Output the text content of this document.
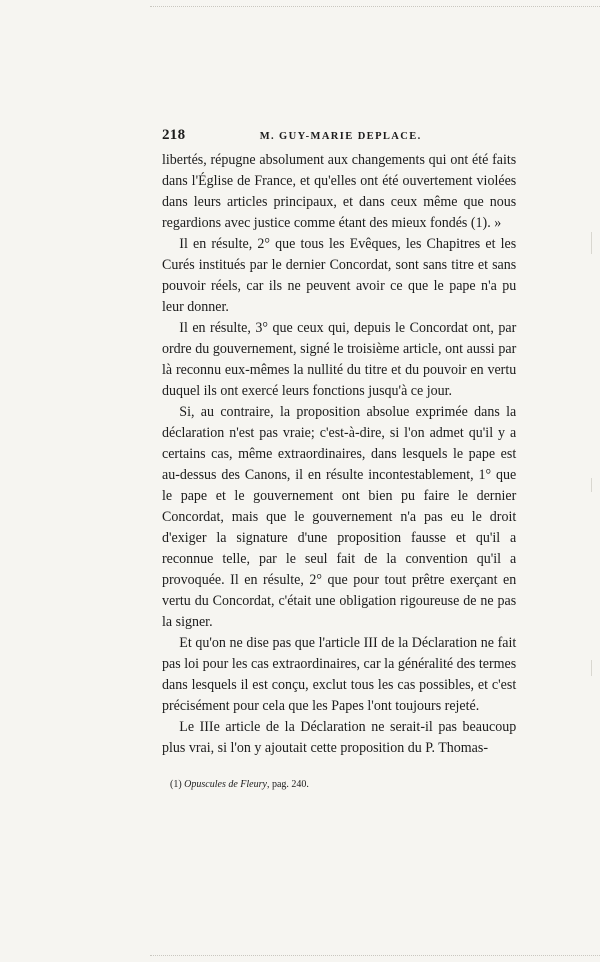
218	M. GUY-MARIE DEPLACE.

libertés, répugne absolument aux changements qui ont été faits dans l'Église de France, et qu'elles ont été ouvertement violées dans leurs articles principaux, et dans ceux même que nous regardions avec justice comme étant des mieux fondés (1). »

Il en résulte, 2° que tous les Evêques, les Chapitres et les Curés institués par le dernier Concordat, sont sans titre et sans pouvoir réels, car ils ne peuvent avoir ce que le pape n'a pu leur donner.

Il en résulte, 3° que ceux qui, depuis le Concordat ont, par ordre du gouvernement, signé le troisième article, ont aussi par là reconnu eux-mêmes la nullité du titre et du pouvoir en vertu duquel ils ont exercé leurs fonctions jusqu'à ce jour.

Si, au contraire, la proposition absolue exprimée dans la déclaration n'est pas vraie; c'est-à-dire, si l'on admet qu'il y a certains cas, même extraordinaires, dans lesquels le pape est au-dessus des Canons, il en résulte incontestablement, 1° que le pape et le gouvernement ont bien pu faire le dernier Concordat, mais que le gouvernement n'a pas eu le droit d'exiger la signature d'une proposition fausse et qu'il a reconnue telle, par le seul fait de la convention qu'il a provoquée. Il en résulte, 2° que pour tout prêtre exerçant en vertu du Concordat, c'était une obligation rigoureuse de ne pas la signer.

Et qu'on ne dise pas que l'article III de la Déclaration ne fait pas loi pour les cas extraordinaires, car la généralité des termes dans lesquels il est conçu, exclut tous les cas possibles, et c'est précisément pour cela que les Papes l'ont toujours rejeté.

Le IIIe article de la Déclaration ne serait-il pas beaucoup plus vrai, si l'on y ajoutait cette proposition du P. Thomas-

(1) Opuscules de Fleury, pag. 240.
